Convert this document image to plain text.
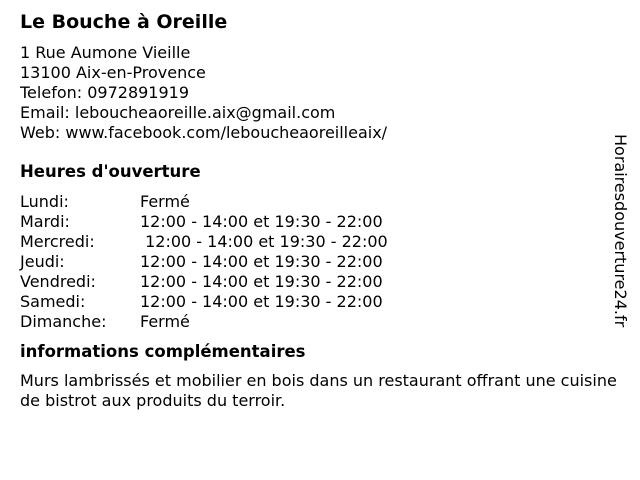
Le Bouche à Oreille
1 Rue Aumone Vieille
13100 Aix-en-Provence
Telefon: 0972891919
Email: leboucheaoreille.aix@gmail.com
Web: www.facebook.com/leboucheaoreilleaix/
Heures d'ouverture
Lundi:	Fermé
Mardi:	12:00 - 14:00 et 19:30 - 22:00
Mercredi:	12:00 - 14:00 et 19:30 - 22:00
Jeudi:	12:00 - 14:00 et 19:30 - 22:00
Vendredi:	12:00 - 14:00 et 19:30 - 22:00
Samedi:	12:00 - 14:00 et 19:30 - 22:00
Dimanche:	Fermé
informations complémentaires
Murs lambrissés et mobilier en bois dans un restaurant offrant une cuisine de bistrot aux produits du terroir.
Horairesdouverture24.fr
